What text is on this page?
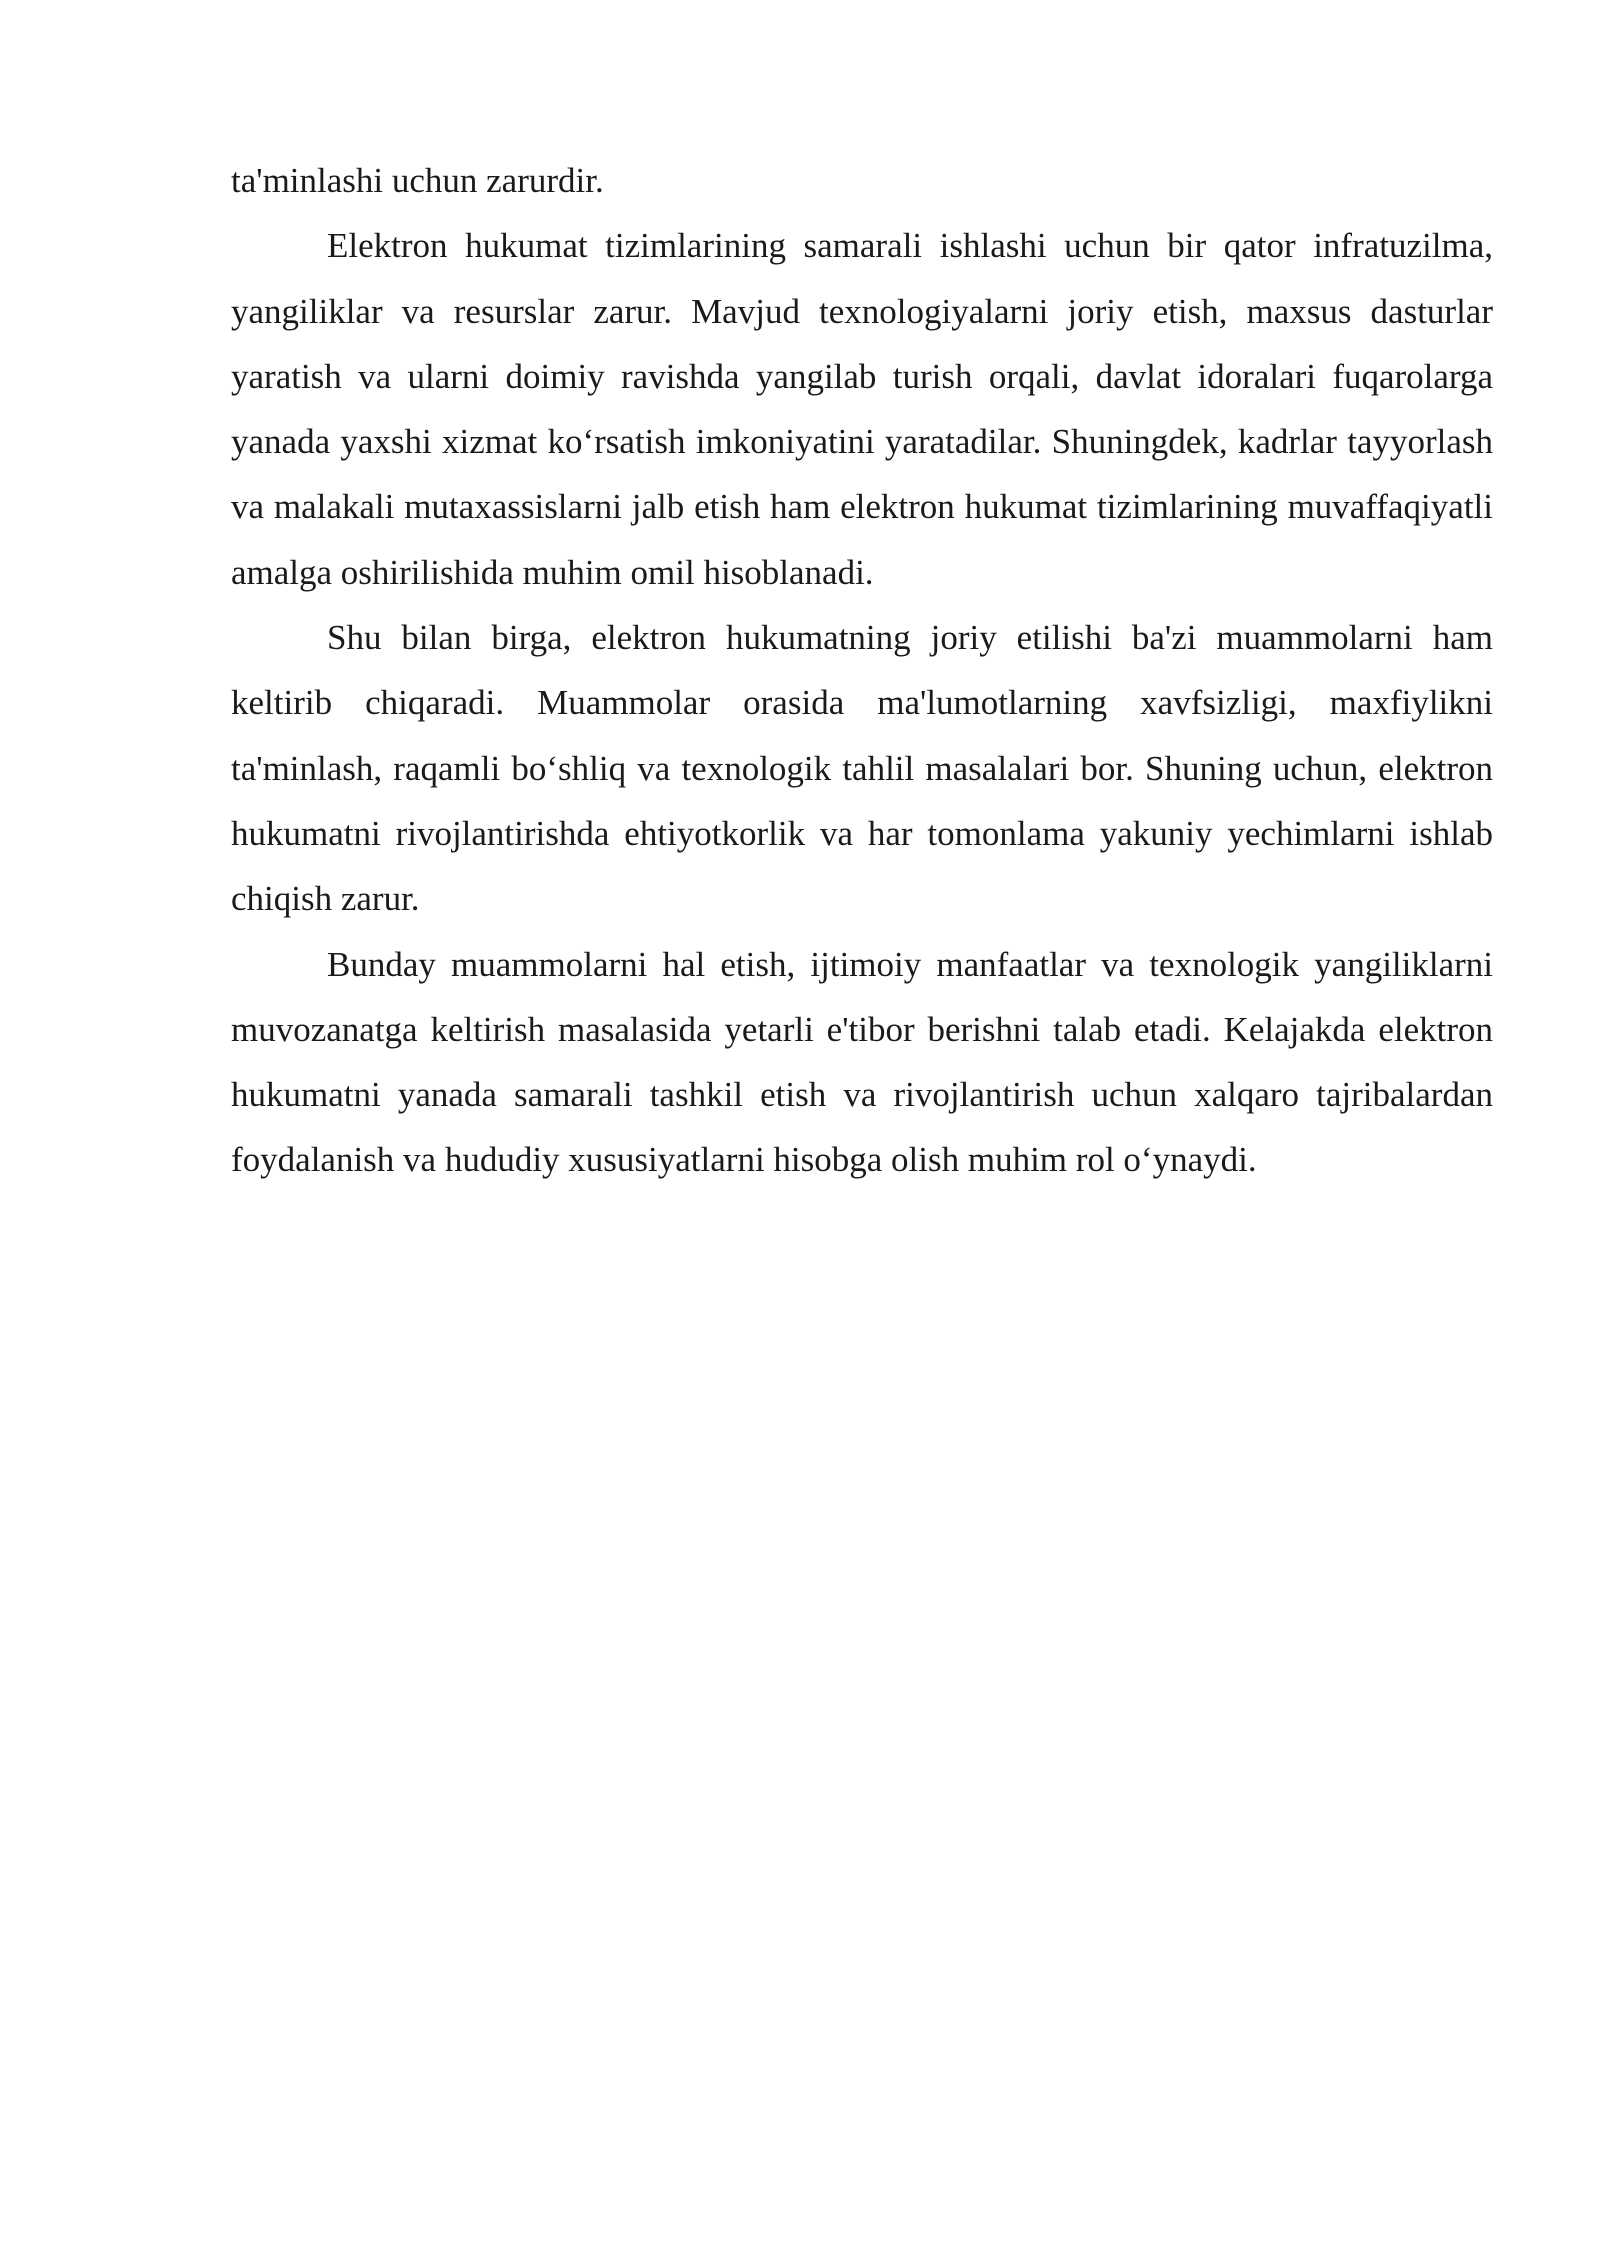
ta'minlashi uchun zarurdir.

Elektron hukumat tizimlarining samarali ishlashi uchun bir qator infratuzilma, yangiliklar va resurslar zarur. Mavjud texnologiyalarni joriy etish, maxsus dasturlar yaratish va ularni doimiy ravishda yangilab turish orqali, davlat idoralari fuqarolarga yanada yaxshi xizmat ko‘rsatish imkoniyatini yaratadilar. Shuningdek, kadrlar tayyorlash va malakali mutaxassislarni jalb etish ham elektron hukumat tizimlarining muvaffaqiyatli amalga oshirilishida muhim omil hisoblanadi.

Shu bilan birga, elektron hukumatning joriy etilishi ba'zi muammolarni ham keltirib chiqaradi. Muammolar orasida ma'lumotlarning xavfsizligi, maxfiylikni ta'minlash, raqamli bo‘shliq va texnologik tahlil masalalari bor. Shuning uchun, elektron hukumatni rivojlantirishda ehtiyotkorlik va har tomonlama yakuniy yechimlarni ishlab chiqish zarur.

Bunday muammolarni hal etish, ijtimoiy manfaatlar va texnologik yangiliklarni muvozanatga keltirish masalasida yetarli e'tibor berishni talab etadi. Kelajakda elektron hukumatni yanada samarali tashkil etish va rivojlantirish uchun xalqaro tajribalardan foydalanish va hududiy xususiyatlarni hisobga olish muhim rol o‘ynaydi.
